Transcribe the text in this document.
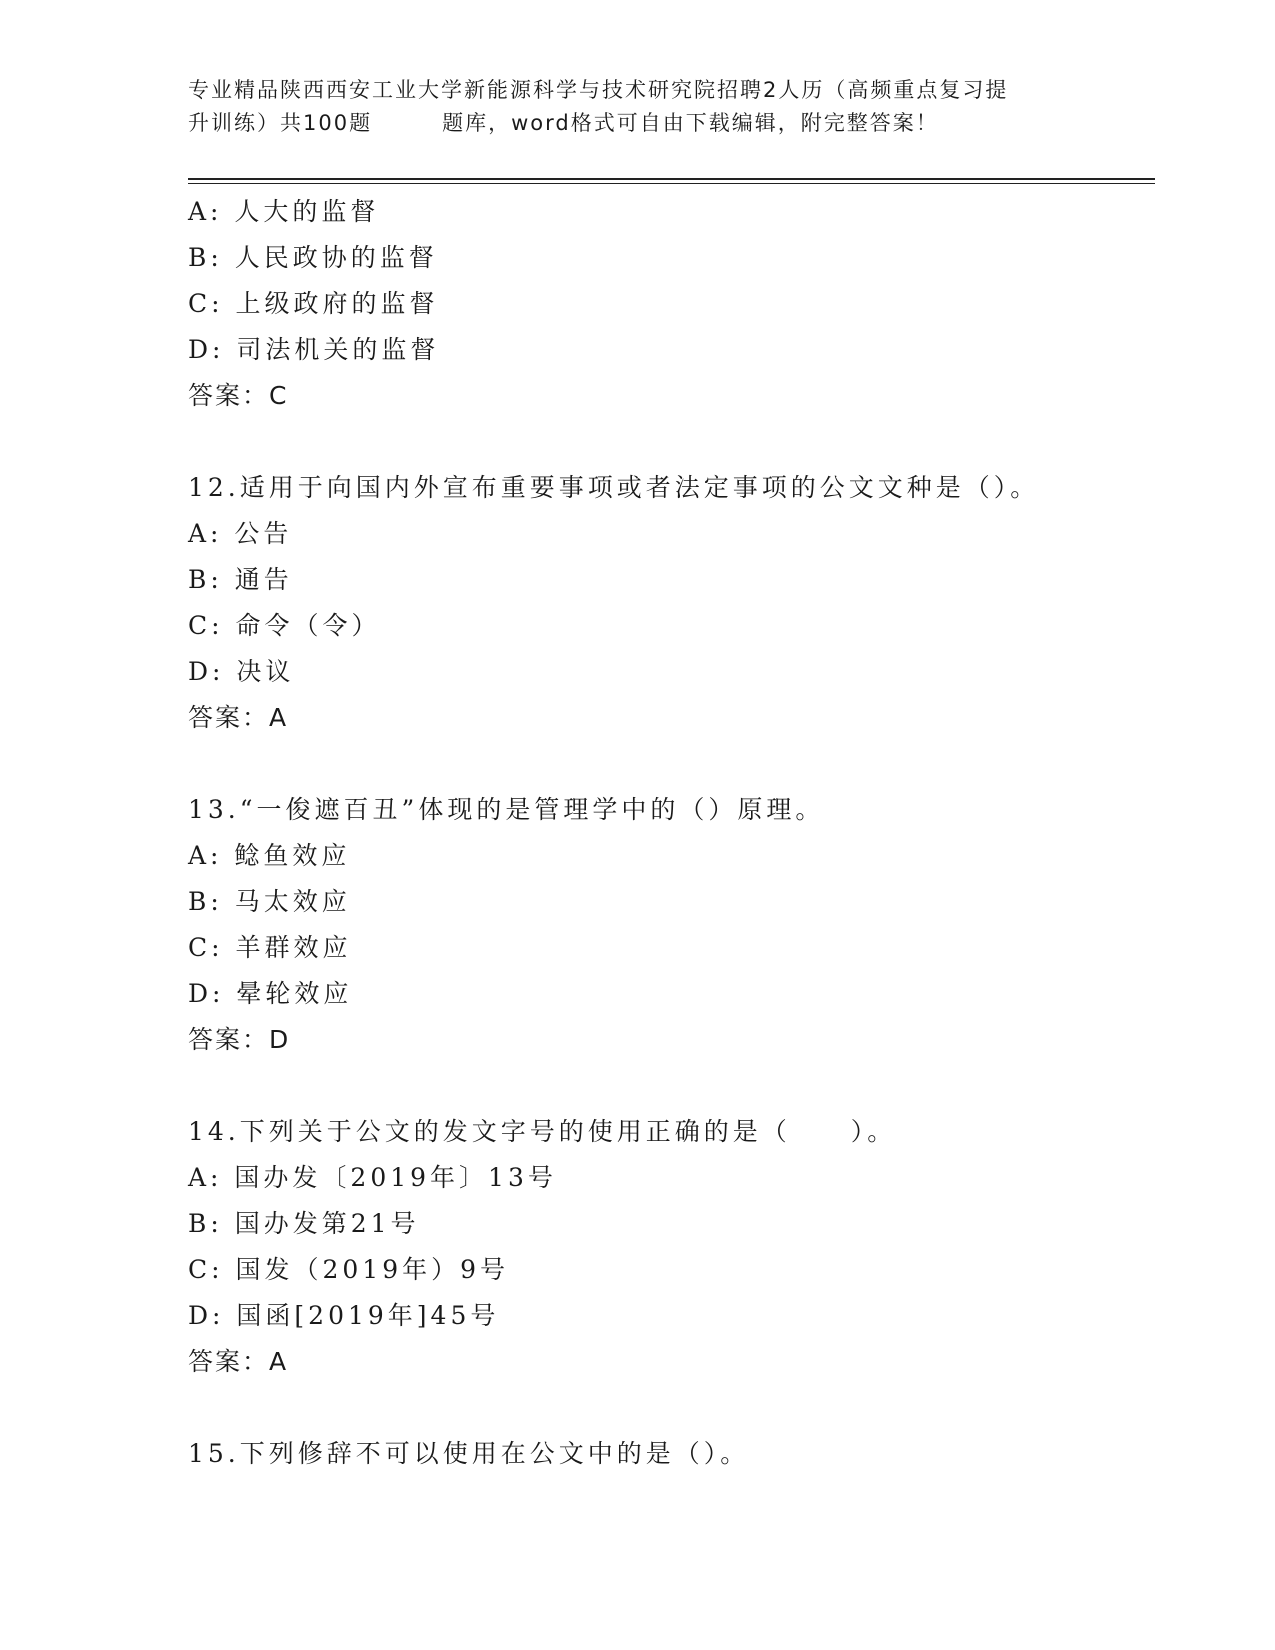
专业精品陕西西安工业大学新能源科学与技术研究院招聘2人历（高频重点复习提
升训练）共100题	题库，word格式可自由下载编辑，附完整答案！
A: 人大的监督
B: 人民政协的监督
C: 上级政府的监督
D: 司法机关的监督
答案：C
12.适用于向国内外宣布重要事项或者法定事项的公文文种是（）。
A: 公告
B: 通告
C: 命令（令）
D: 决议
答案：A
13.“一俊遮百丑”体现的是管理学中的（）原理。
A: 鲶鱼效应
B: 马太效应
C: 羊群效应
D: 晕轮效应
答案：D
14.下列关于公文的发文字号的使用正确的是（ ）。
A: 国办发〔2019年〕13号
B: 国办发第21号
C: 国发（2019年）9号
D: 国函[2019年]45号
答案：A
15.下列修辞不可以使用在公文中的是（）。
